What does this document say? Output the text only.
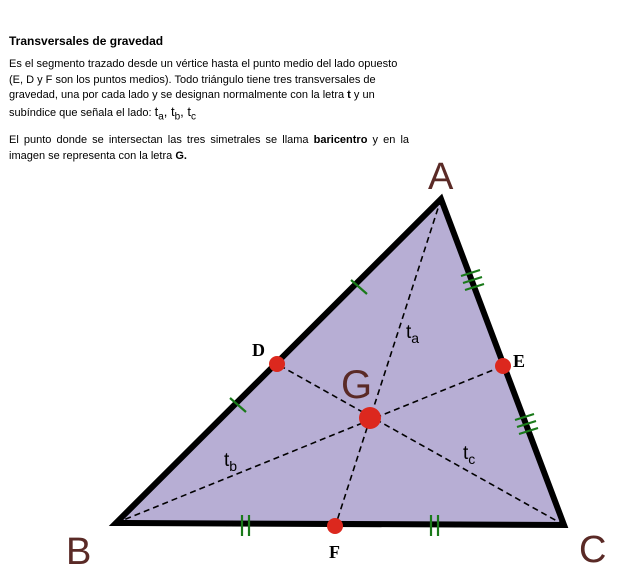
Transversales de gravedad
Es el segmento trazado desde un vértice hasta el punto medio del lado opuesto (E, D y F son los puntos medios). Todo triángulo tiene tres transversales de gravedad, una por cada lado y se designan normalmente con la letra t y un subíndice que señala el lado: $t_a$, $t_b$, $t_c$
El punto donde se intersectan las tres simetrales se llama baricentro y en la imagen se representa con la letra G.
A
B	C
D
E
F
G
$t_a$
$t_b$
$t_c$
